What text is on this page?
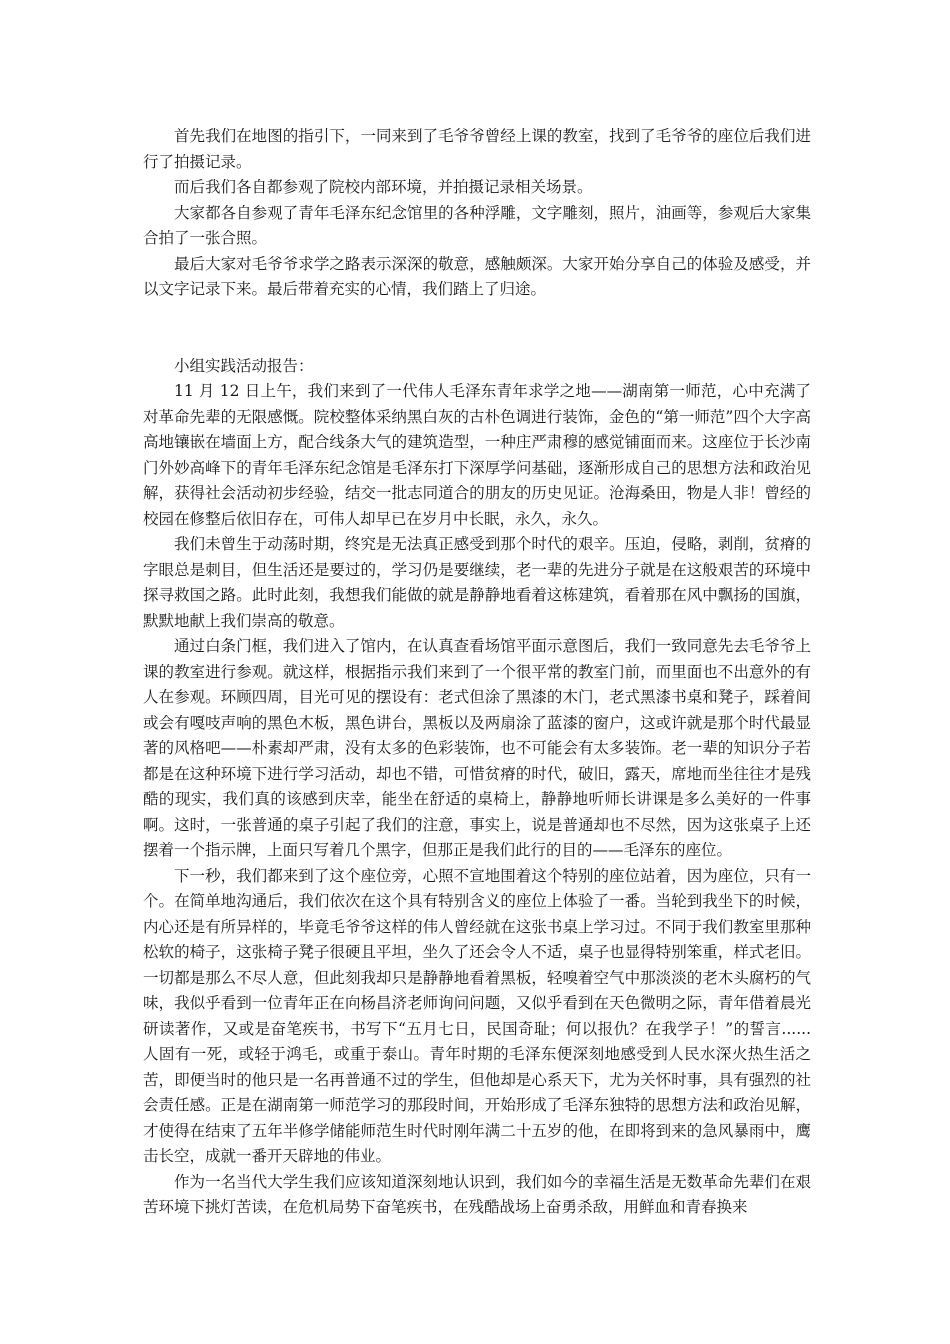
首先我们在地图的指引下，一同来到了毛爷爷曾经上课的教室，找到了毛爷爷的座位后我们进行了拍摄记录。

而后我们各自都参观了院校内部环境，并拍摄记录相关场景。

大家都各自参观了青年毛泽东纪念馆里的各种浮雕，文字雕刻，照片，油画等，参观后大家集合拍了一张合照。

最后大家对毛爷爷求学之路表示深深的敬意，感触颇深。大家开始分享自己的体验及感受，并以文字记录下来。最后带着充实的心情，我们踏上了归途。

小组实践活动报告：

11 月 12 日上午，我们来到了一代伟人毛泽东青年求学之地——湖南第一师范，心中充满了对革命先辈的无限感慨。院校整体采纳黑白灰的古朴色调进行装饰，金色的“第一师范”四个大字高高地镶嵌在墙面上方，配合线条大气的建筑造型，一种庄严肃穆的感觉铺面而来。这座位于长沙南门外妙高峰下的青年毛泽东纪念馆是毛泽东打下深厚学问基础，逐渐形成自己的思想方法和政治见解，获得社会活动初步经验，结交一批志同道合的朋友的历史见证。沧海桑田，物是人非！曾经的校园在修整后依旧存在，可伟人却早已在岁月中长眠，永久，永久。

我们未曾生于动荡时期，终究是无法真正感受到那个时代的艰辛。压迫，侵略，剥削，贫瘠的字眼总是刺目，但生活还是要过的，学习仍是要继续，老一辈的先进分子就是在这般艰苦的环境中探寻救国之路。此时此刻，我想我们能做的就是静静地看着这栋建筑，看着那在风中飘扬的国旗，默默地献上我们崇高的敬意。

通过白条门框，我们进入了馆内，在认真查看场馆平面示意图后，我们一致同意先去毛爷爷上课的教室进行参观。就这样，根据指示我们来到了一个很平常的教室门前，而里面也不出意外的有人在参观。环顾四周，目光可见的摆设有：老式但涂了黑漆的木门，老式黑漆书桌和凳子，踩着间或会有嘎吱声响的黑色木板，黑色讲台，黑板以及两扇涂了蓝漆的窗户，这或许就是那个时代最显著的风格吧——朴素却严肃，没有太多的色彩装饰，也不可能会有太多装饰。老一辈的知识分子若都是在这种环境下进行学习活动，却也不错，可惜贫瘠的时代，破旧，露天，席地而坐往往才是残酷的现实，我们真的该感到庆幸，能坐在舒适的桌椅上，静静地听师长讲课是多么美好的一件事啊。这时，一张普通的桌子引起了我们的注意，事实上，说是普通却也不尽然，因为这张桌子上还摆着一个指示牌，上面只写着几个黑字，但那正是我们此行的目的——毛泽东的座位。

下一秒，我们都来到了这个座位旁，心照不宣地围着这个特别的座位站着，因为座位，只有一个。在简单地沟通后，我们依次在这个具有特别含义的座位上体验了一番。当轮到我坐下的时候，内心还是有所异样的，毕竟毛爷爷这样的伟人曾经就在这张书桌上学习过。不同于我们教室里那种松软的椅子，这张椅子凳子很硬且平坦，坐久了还会令人不适，桌子也显得特别笨重，样式老旧。一切都是那么不尽人意，但此刻我却只是静静地看着黑板，轻嗅着空气中那淡淡的老木头腐朽的气味，我似乎看到一位青年正在向杨昌济老师询问问题，又似乎看到在天色微明之际，青年借着晨光研读著作，又或是奋笔疾书，书写下“五月七日，民国奇耻；何以报仇？在我学子！”的誓言...... 人固有一死，或轻于鸿毛，或重于泰山。青年时期的毛泽东便深刻地感受到人民水深火热生活之苦，即便当时的他只是一名再普通不过的学生，但他却是心系天下，尤为关怀时事，具有强烈的社会责任感。正是在湖南第一师范学习的那段时间，开始形成了毛泽东独特的思想方法和政治见解，才使得在结束了五年半修学储能师范生时代时刚年满二十五岁的他，在即将到来的急风暴雨中，鹰击长空，成就一番开天辟地的伟业。

作为一名当代大学生我们应该知道深刻地认识到，我们如今的幸福生活是无数革命先辈们在艰苦环境下挑灯苦读，在危机局势下奋笔疾书，在残酷战场上奋勇杀敌，用鲜血和青春换来
